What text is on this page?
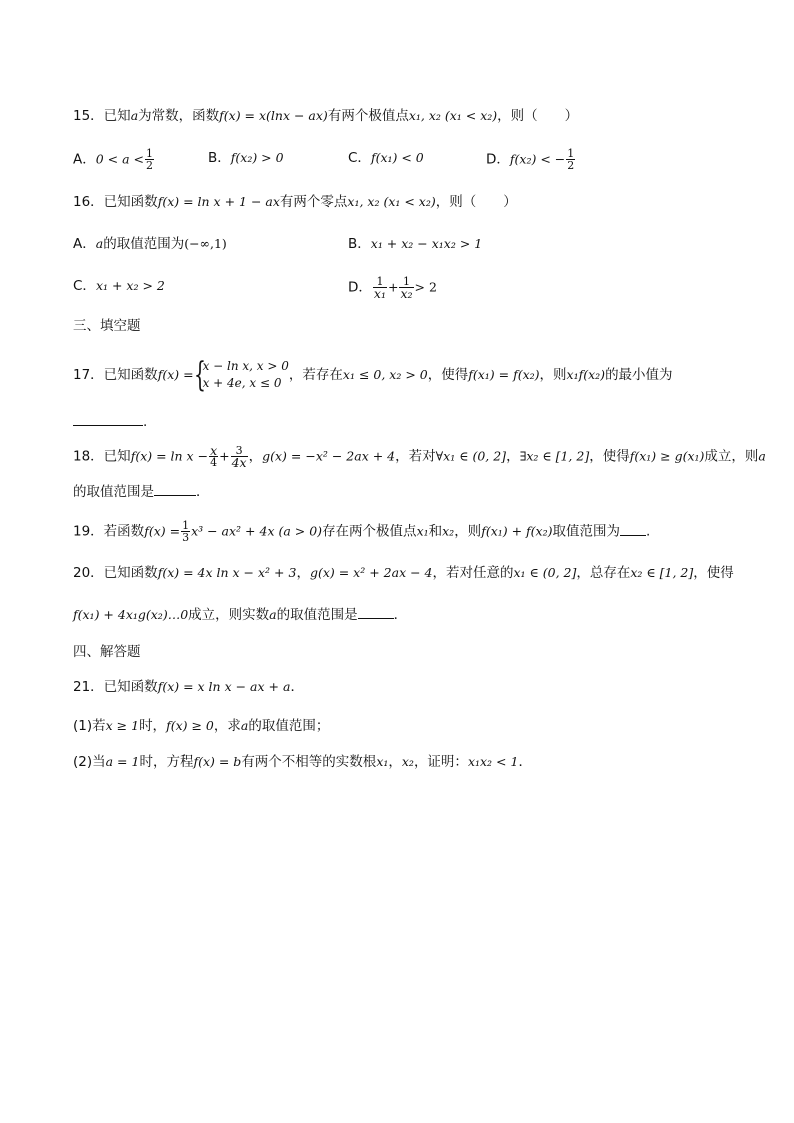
15．已知a为常数，函数f(x) = x(lnx − ax)有两个极值点x₁, x₂ (x₁ < x₂)，则（　　）
A．$0 < a < \frac{1}{2}$	B．f(x₂) > 0	C．f(x₁) < 0	D．f(x₂) < − $\frac{1}{2}$
16．已知函数f(x) = ln x + 1 − ax有两个零点x₁, x₂ (x₁ < x₂)，则（　　）
A．a的取值范围为(−∞,1)	B．x₁ + x₂ − x₁x₂ > 1
C．x₁ + x₂ > 2	D． $\frac{1}{\text{x₁}} + \frac{1}{\text{x₂}} > 2$
三、填空题
17．已知函数f(x) = {
x − ln x, x > 0
x + 4e, x ≤ 0 ，若存在x₁ ≤ 0, x₂ > 0，使得f(x₁) = f(x₂)，则x₁f(x₂)的最小值为
.
18．已知$f(x) = \ln x - \frac{x}{4} + \frac{3}{4x}$ ，g(x) = −x² − 2ax + 4，若对∀x₁ ∈ (0, 2]，∃x₂ ∈ [1, 2]，使得f(x₁) ≥ g(x₁)成立，则a
的取值范围是	．
19．若函数$f(x) = \frac{1}{3} x^3 - ax^2 + 4x$ (a > 0)存在两个极值点x₁和x₂，则f(x₁) + f(x₂)取值范围为 .
20．已知函数f(x) = 4x ln x − x² + 3，g(x) = x² + 2ax − 4，若对任意的x₁ ∈ (0, 2]，总存在x₂ ∈ [1, 2]，使得
f(x₁) + 4x₁g(x₂)…0成立，则实数a的取值范围是	．
四、解答题
21．已知函数f(x) = x ln x − ax + a．
(1)若x ≥ 1时，f(x) ≥ 0，求a的取值范围；
(2)当a = 1时，方程f(x) = b有两个不相等的实数根x₁，x₂，证明：x₁x₂ < 1．
